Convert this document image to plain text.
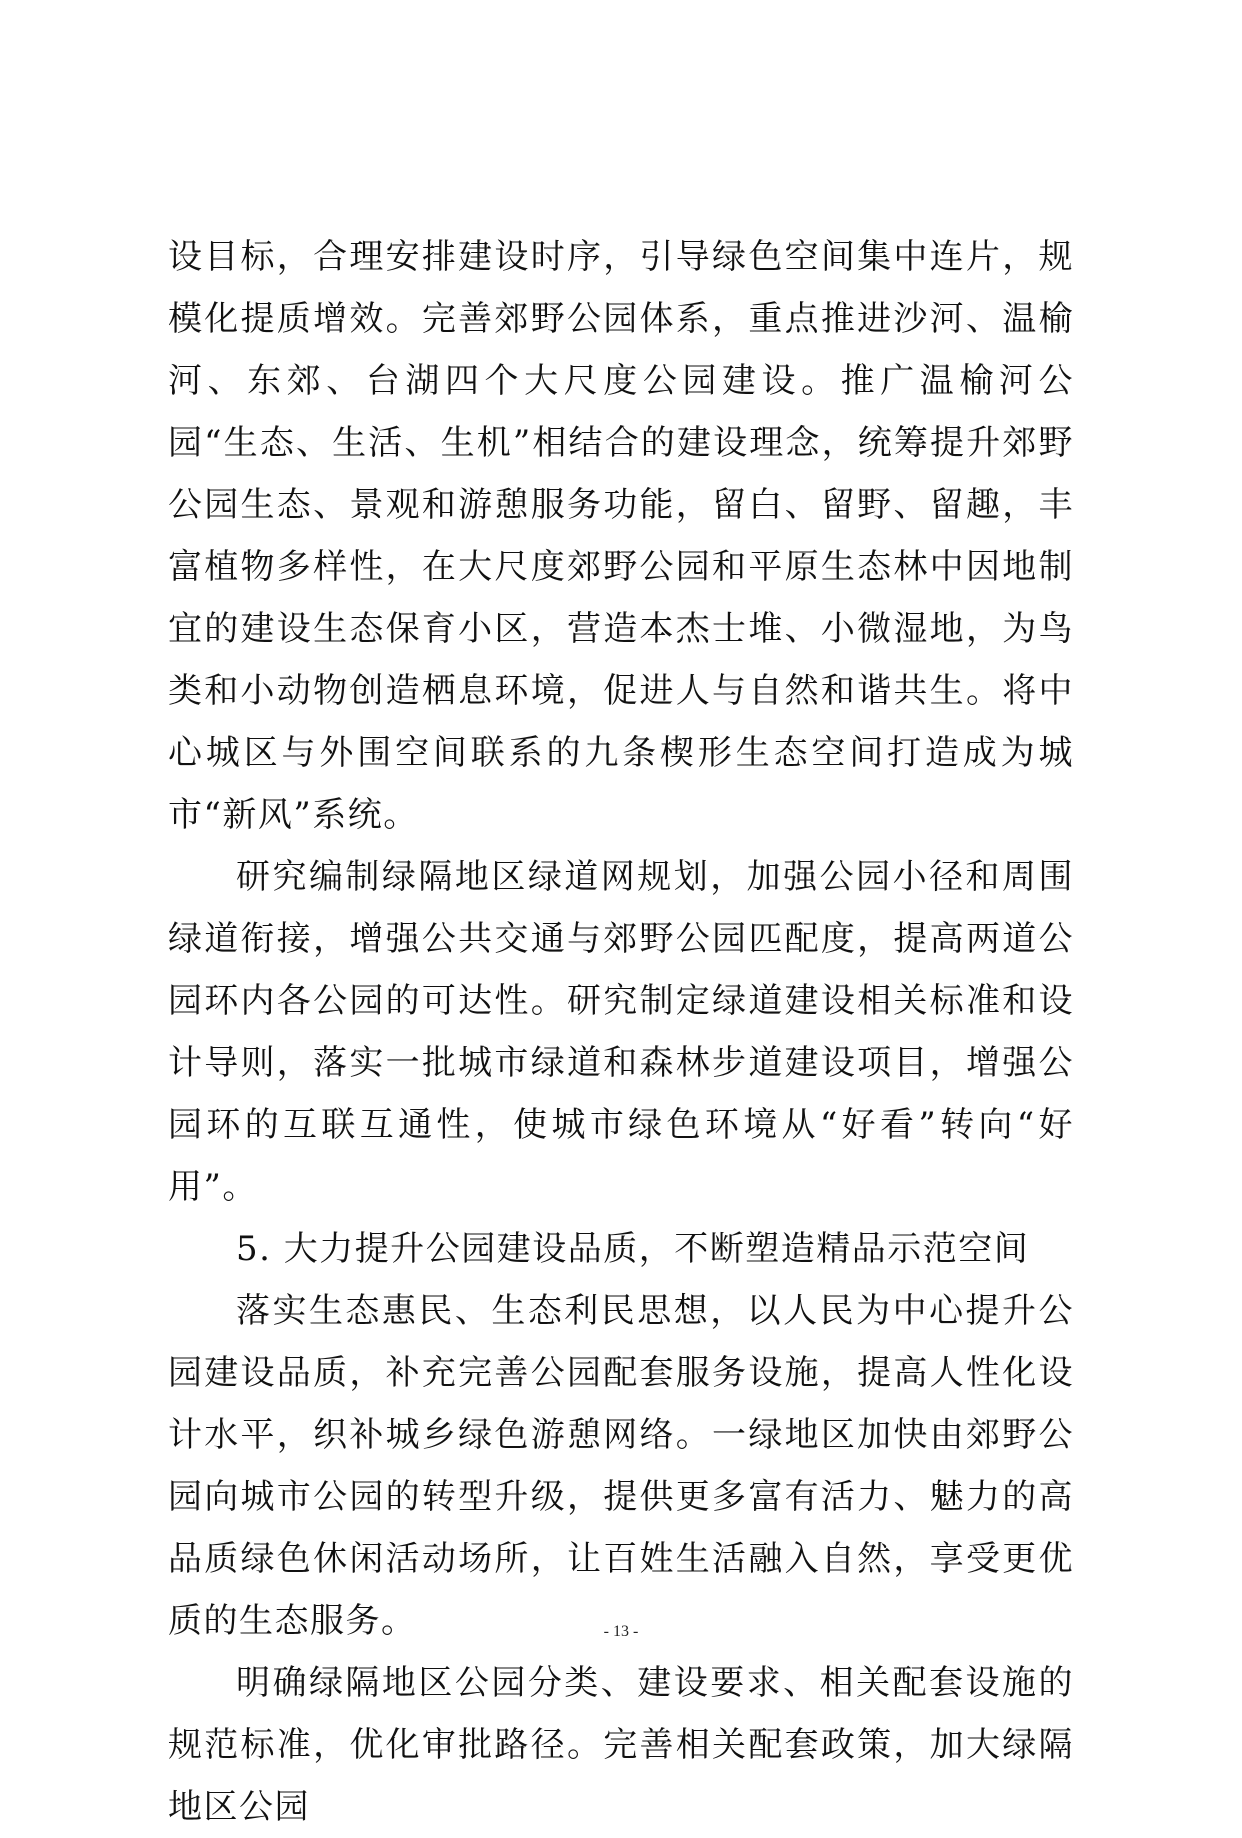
设目标，合理安排建设时序，引导绿色空间集中连片，规模化提质增效。完善郊野公园体系，重点推进沙河、温榆河、东郊、台湖四个大尺度公园建设。推广温榆河公园“生态、生活、生机”相结合的建设理念，统筹提升郊野公园生态、景观和游憩服务功能，留白、留野、留趣，丰富植物多样性，在大尺度郊野公园和平原生态林中因地制宜的建设生态保育小区，营造本杰士堆、小微湿地，为鸟类和小动物创造栖息环境，促进人与自然和谐共生。将中心城区与外围空间联系的九条楔形生态空间打造成为城市“新风”系统。

研究编制绿隔地区绿道网规划，加强公园小径和周围绿道衔接，增强公共交通与郊野公园匹配度，提高两道公园环内各公园的可达性。研究制定绿道建设相关标准和设计导则，落实一批城市绿道和森林步道建设项目，增强公园环的互联互通性，使城市绿色环境从“好看”转向“好用”。

5. 大力提升公园建设品质，不断塑造精品示范空间

落实生态惠民、生态利民思想，以人民为中心提升公园建设品质，补充完善公园配套服务设施，提高人性化设计水平，织补城乡绿色游憩网络。一绿地区加快由郊野公园向城市公园的转型升级，提供更多富有活力、魅力的高品质绿色休闲活动场所，让百姓生活融入自然，享受更优质的生态服务。

明确绿隔地区公园分类、建设要求、相关配套设施的规范标准，优化审批路径。完善相关配套政策，加大绿隔地区公园

- 13 -
